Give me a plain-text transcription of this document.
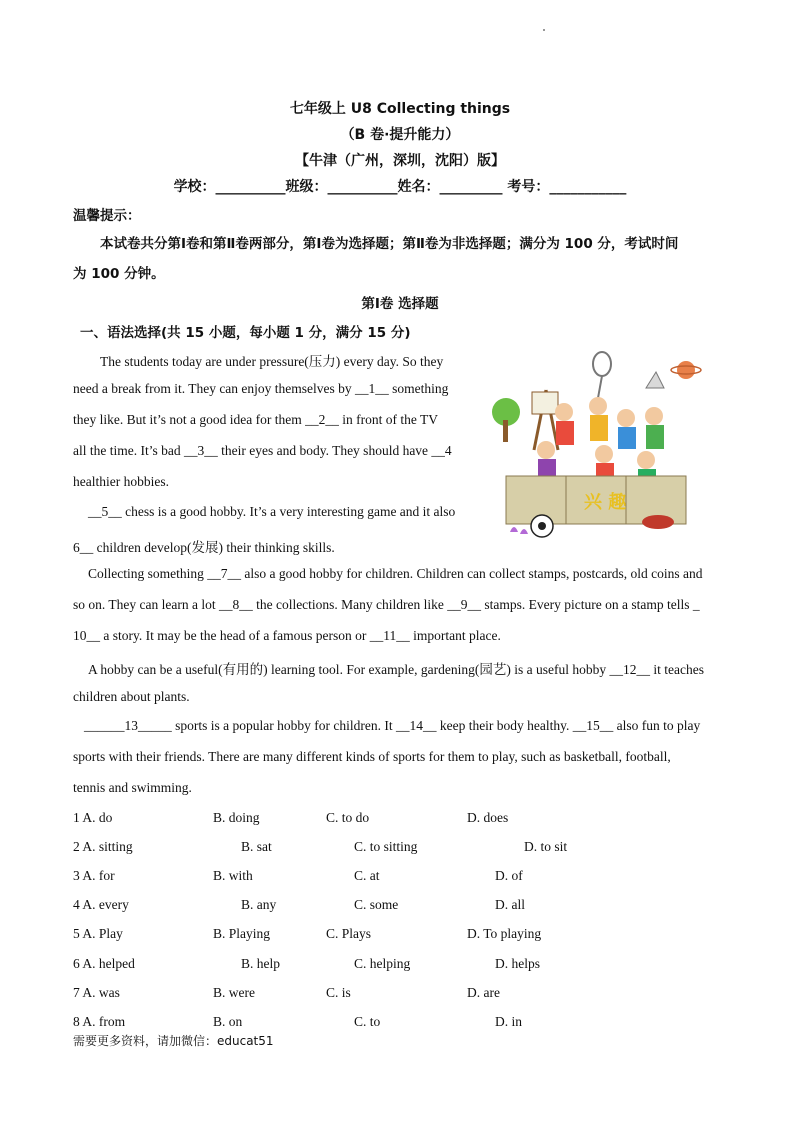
七年级上 U8 Collecting things
（B 卷·提升能力）
【牛津（广州，深圳，沈阳）版】
学校：__________班级：__________姓名：_________ 考号：___________
温馨提示：
本试卷共分第Ⅰ卷和第Ⅱ卷两部分，第Ⅰ卷为选择题；第Ⅱ卷为非选择题；满分为 100 分，考试时间
为 100 分钟。
第Ⅰ卷 选择题
一、语法选择(共 15 小题，每小题 1 分，满分 15 分)
The students today are under pressure(压力) every day. So they
need a break from it. They can enjoy themselves by __1__ something
they like. But it’s not a good idea for them __2__ in front of the TV
all the time. It’s bad __3__ their eyes and body. They should have __4
healthier hobbies.
__5__ chess is a good hobby. It’s a very interesting game and it also
6__ children develop(发展) their thinking skills.
Collecting something __7__ also a good hobby for children. Children can collect stamps, postcards, old coins and
so on. They can learn a lot __8__ the collections. Many children like __9__ stamps. Every picture on a stamp tells _
10__ a story. It may be the head of a famous person or __11__ important place.
A hobby can be a useful(有用的) learning tool. For example, gardening(园艺) is a useful hobby __12__ it teaches
children about plants.
______13_____ sports is a popular hobby for children. It __14__ keep their body healthy. __15__ also fun to play
sports with their friends. There are many different kinds of sports for them to play, such as basketball, football,
tennis and swimming.
兴 趣
1 A. do	B. doing	C. to do	D. does
2 A. sitting	B. sat	C. to sitting	D. to sit
3 A. for	B. with	C. at	D. of
4 A. every	B. any	C. some	D. all
5 A. Play	B. Playing	C. Plays	D. To playing
6 A. helped	B. help	C. helping	D. helps
7 A. was	B. were	C. is	D. are
8 A. from	B. on	C. to	D. in
需要更多资料，请加微信：educat51
